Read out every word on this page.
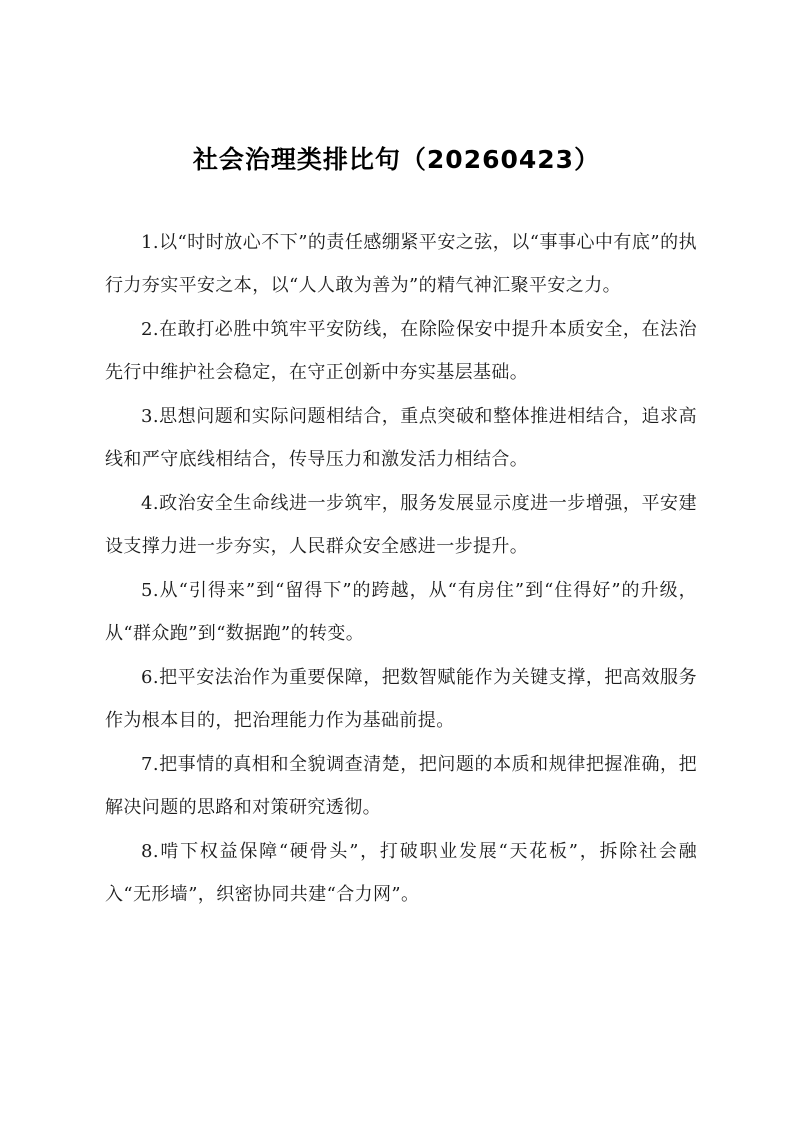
社会治理类排比句（20260423）

1.以“时时放心不下”的责任感绷紧平安之弦，以“事事心中有底”的执行力夯实平安之本，以“人人敢为善为”的精气神汇聚平安之力。

2.在敢打必胜中筑牢平安防线，在除险保安中提升本质安全，在法治先行中维护社会稳定，在守正创新中夯实基层基础。

3.思想问题和实际问题相结合，重点突破和整体推进相结合，追求高线和严守底线相结合，传导压力和激发活力相结合。

4.政治安全生命线进一步筑牢，服务发展显示度进一步增强，平安建设支撑力进一步夯实，人民群众安全感进一步提升。

5.从“引得来”到“留得下”的跨越，从“有房住”到“住得好”的升级，从“群众跑”到“数据跑”的转变。

6.把平安法治作为重要保障，把数智赋能作为关键支撑，把高效服务作为根本目的，把治理能力作为基础前提。

7.把事情的真相和全貌调查清楚，把问题的本质和规律把握准确，把解决问题的思路和对策研究透彻。

8.啃下权益保障“硬骨头”，打破职业发展“天花板”，拆除社会融入“无形墙”，织密协同共建“合力网”。
